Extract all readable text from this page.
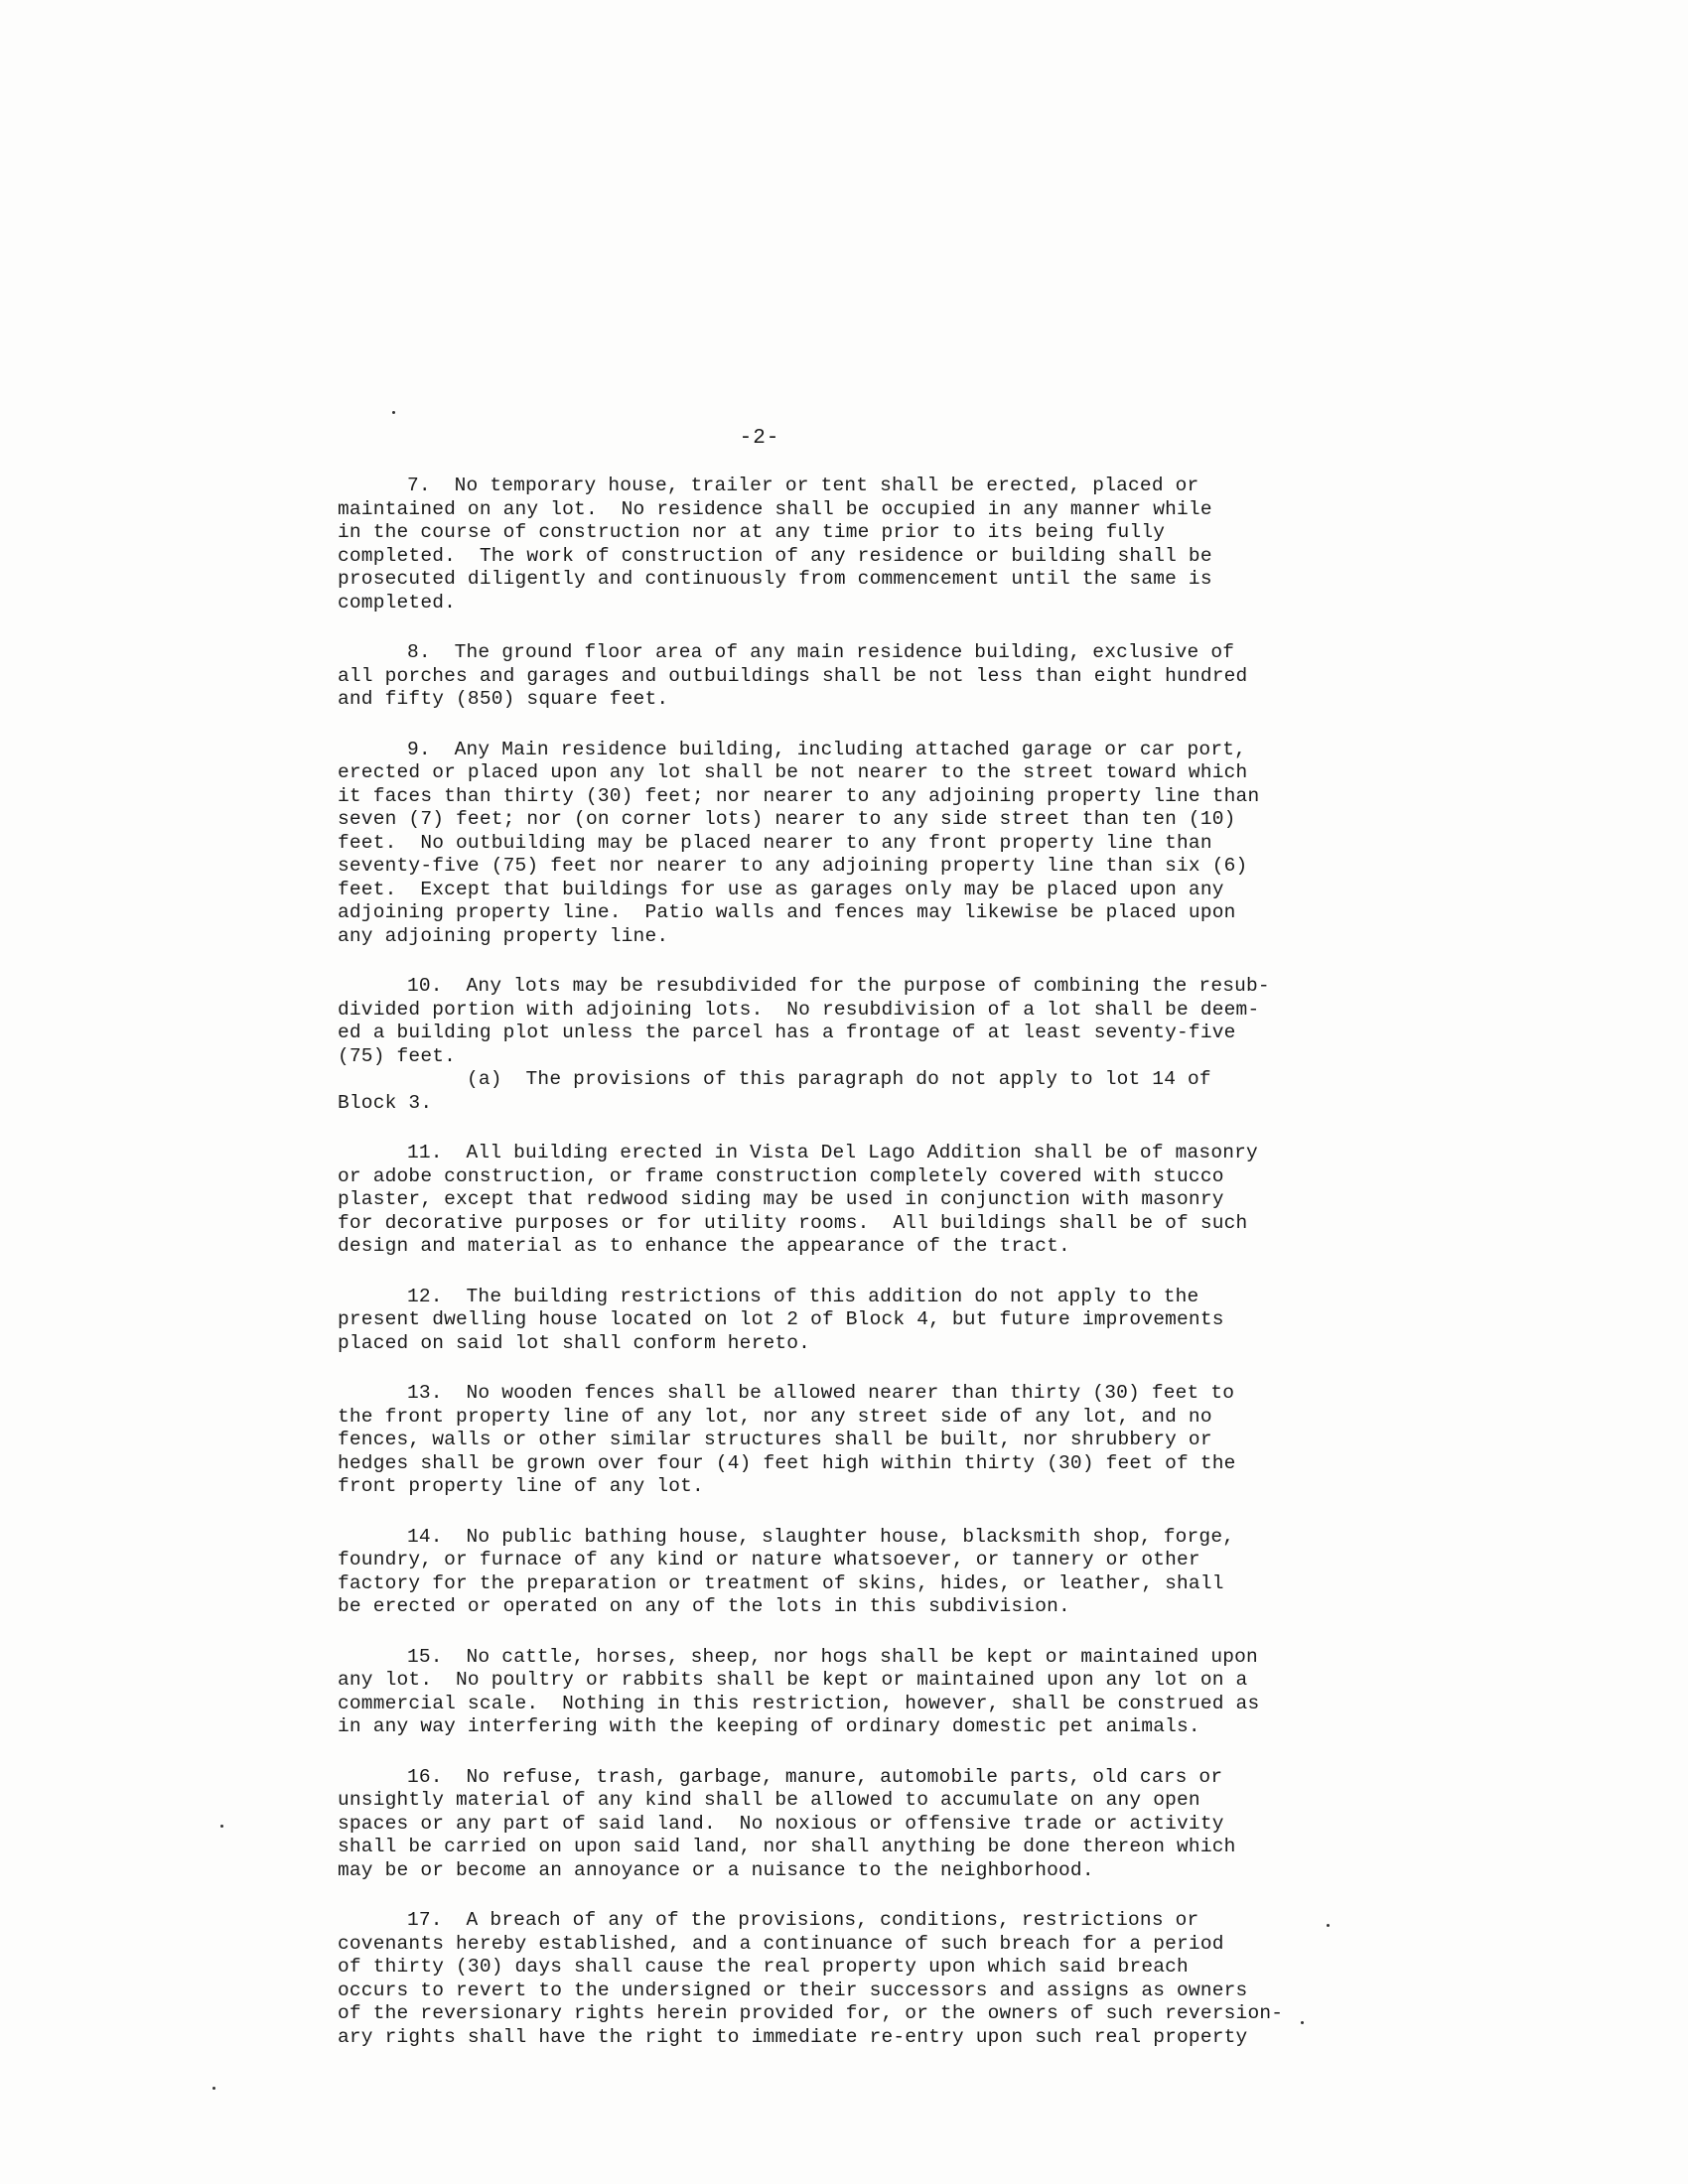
-2-
7.  No temporary house, trailer or tent shall be erected, placed or
maintained on any lot.  No residence shall be occupied in any manner while
in the course of construction nor at any time prior to its being fully
completed.  The work of construction of any residence or building shall be
prosecuted diligently and continuously from commencement until the same is
completed.
8.  The ground floor area of any main residence building, exclusive of
all porches and garages and outbuildings shall be not less than eight hundred
and fifty (850) square feet.
9.  Any Main residence building, including attached garage or car port,
erected or placed upon any lot shall be not nearer to the street toward which
it faces than thirty (30) feet; nor nearer to any adjoining property line than
seven (7) feet; nor (on corner lots) nearer to any side street than ten (10)
feet.  No outbuilding may be placed nearer to any front property line than
seventy-five (75) feet nor nearer to any adjoining property line than six (6)
feet.  Except that buildings for use as garages only may be placed upon any
adjoining property line.  Patio walls and fences may likewise be placed upon
any adjoining property line.
10.  Any lots may be resubdivided for the purpose of combining the resub-
divided portion with adjoining lots.  No resubdivision of a lot shall be deem-
ed a building plot unless the parcel has a frontage of at least seventy-five
(75) feet.
(a)  The provisions of this paragraph do not apply to lot 14 of
Block 3.
11.  All building erected in Vista Del Lago Addition shall be of masonry
or adobe construction, or frame construction completely covered with stucco
plaster, except that redwood siding may be used in conjunction with masonry
for decorative purposes or for utility rooms.  All buildings shall be of such
design and material as to enhance the appearance of the tract.
12.  The building restrictions of this addition do not apply to the
present dwelling house located on lot 2 of Block 4, but future improvements
placed on said lot shall conform hereto.
13.  No wooden fences shall be allowed nearer than thirty (30) feet to
the front property line of any lot, nor any street side of any lot, and no
fences, walls or other similar structures shall be built, nor shrubbery or
hedges shall be grown over four (4) feet high within thirty (30) feet of the
front property line of any lot.
14.  No public bathing house, slaughter house, blacksmith shop, forge,
foundry, or furnace of any kind or nature whatsoever, or tannery or other
factory for the preparation or treatment of skins, hides, or leather, shall
be erected or operated on any of the lots in this subdivision.
15.  No cattle, horses, sheep, nor hogs shall be kept or maintained upon
any lot.  No poultry or rabbits shall be kept or maintained upon any lot on a
commercial scale.  Nothing in this restriction, however, shall be construed as
in any way interfering with the keeping of ordinary domestic pet animals.
16.  No refuse, trash, garbage, manure, automobile parts, old cars or
unsightly material of any kind shall be allowed to accumulate on any open
spaces or any part of said land.  No noxious or offensive trade or activity
shall be carried on upon said land, nor shall anything be done thereon which
may be or become an annoyance or a nuisance to the neighborhood.
17.  A breach of any of the provisions, conditions, restrictions or
covenants hereby established, and a continuance of such breach for a period
of thirty (30) days shall cause the real property upon which said breach
occurs to revert to the undersigned or their successors and assigns as owners
of the reversionary rights herein provided for, or the owners of such reversion-
ary rights shall have the right to immediate re-entry upon such real property
